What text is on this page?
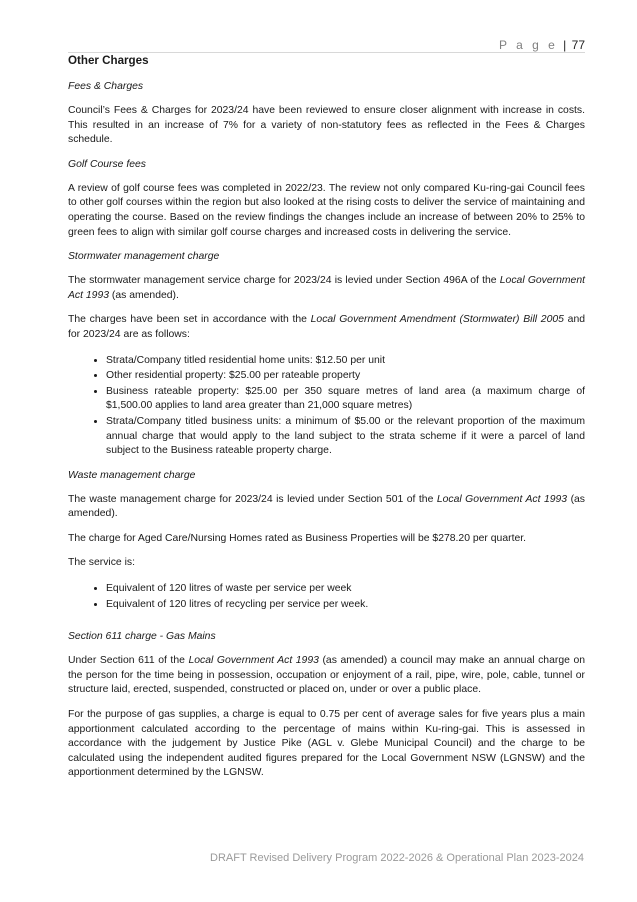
P a g e | 77
Other Charges
Fees & Charges

Council’s Fees & Charges for 2023/24 have been reviewed to ensure closer alignment with increase in costs. This resulted in an increase of 7% for a variety of non-statutory fees as reflected in the Fees & Charges schedule.

Golf Course fees

A review of golf course fees was completed in 2022/23. The review not only compared Ku-ring-gai Council fees to other golf courses within the region but also looked at the rising costs to deliver the service of maintaining and operating the course. Based on the review findings the changes include an increase of between 20% to 25% to green fees to align with similar golf course charges and increased costs in delivering the service.

Stormwater management charge

The stormwater management service charge for 2023/24 is levied under Section 496A of the Local Government Act 1993 (as amended).

The charges have been set in accordance with the Local Government Amendment (Stormwater) Bill 2005 and for 2023/24 are as follows:

• Strata/Company titled residential home units: $12.50 per unit
• Other residential property: $25.00 per rateable property
• Business rateable property: $25.00 per 350 square metres of land area (a maximum charge of $1,500.00 applies to land area greater than 21,000 square metres)
• Strata/Company titled business units: a minimum of $5.00 or the relevant proportion of the maximum annual charge that would apply to the land subject to the strata scheme if it were a parcel of land subject to the Business rateable property charge.
Waste management charge

The waste management charge for 2023/24 is levied under Section 501 of the Local Government Act 1993 (as amended).

The charge for Aged Care/Nursing Homes rated as Business Properties will be $278.20 per quarter.

The service is:

• Equivalent of 120 litres of waste per service per week
• Equivalent of 120 litres of recycling per service per week.
Section 611 charge - Gas Mains

Under Section 611 of the Local Government Act 1993 (as amended) a council may make an annual charge on the person for the time being in possession, occupation or enjoyment of a rail, pipe, wire, pole, cable, tunnel or structure laid, erected, suspended, constructed or placed on, under or over a public place.

For the purpose of gas supplies, a charge is equal to 0.75 per cent of average sales for five years plus a main apportionment calculated according to the percentage of mains within Ku-ring-gai. This is assessed in accordance with the judgement by Justice Pike (AGL v. Glebe Municipal Council) and the charge to be calculated using the independent audited figures prepared for the Local Government NSW (LGNSW) and the apportionment determined by the LGNSW.

DRAFT Revised Delivery Program 2022-2026 & Operational Plan 2023-2024
